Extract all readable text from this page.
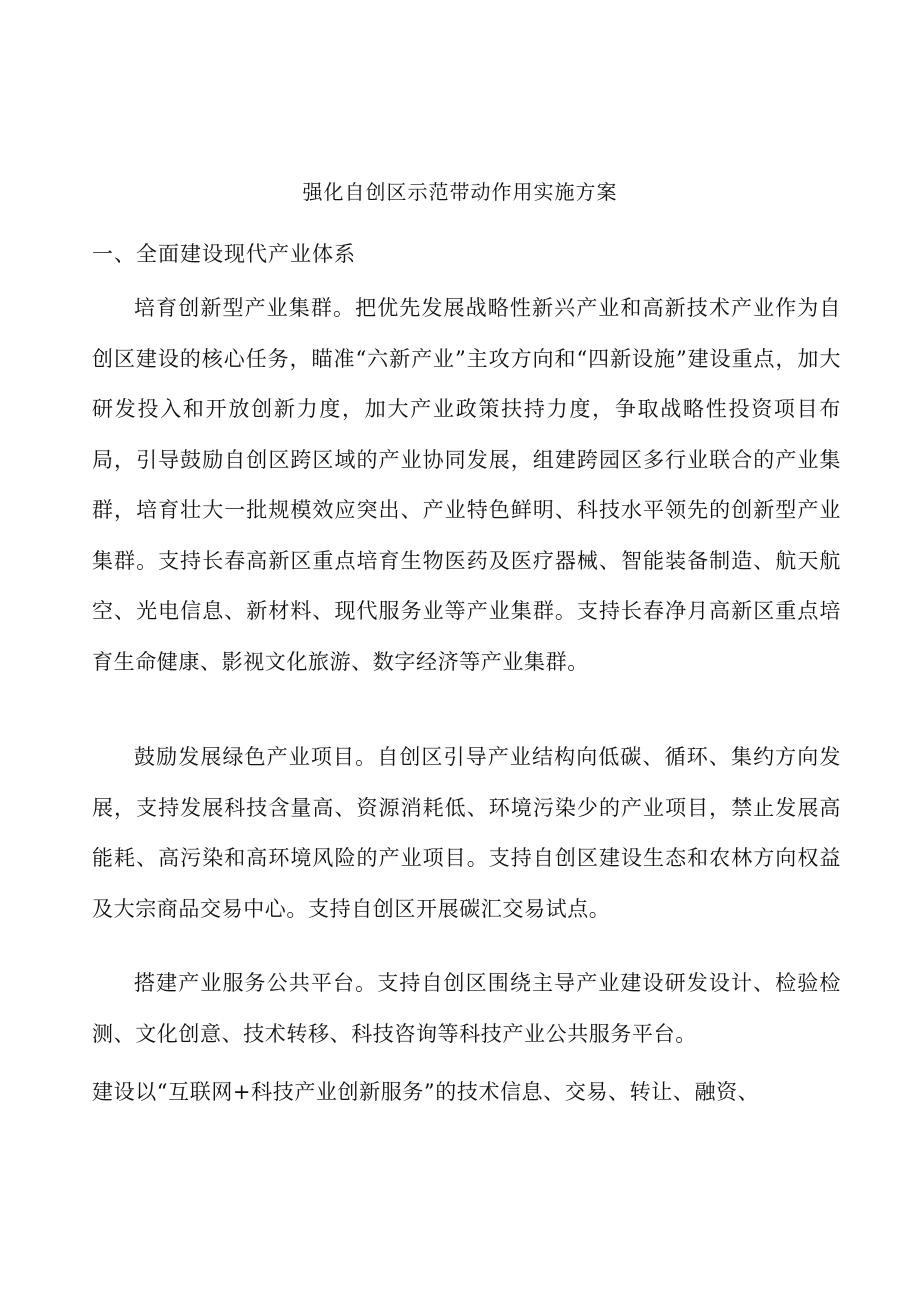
强化自创区示范带动作用实施方案
一、全面建设现代产业体系

培育创新型产业集群。把优先发展战略性新兴产业和高新技术产业作为自创区建设的核心任务，瞄准“六新产业”主攻方向和“四新设施”建设重点，加大研发投入和开放创新力度，加大产业政策扶持力度，争取战略性投资项目布局，引导鼓励自创区跨区域的产业协同发展，组建跨园区多行业联合的产业集群，培育壮大一批规模效应突出、产业特色鲜明、科技水平领先的创新型产业集群。支持长春高新区重点培育生物医药及医疗器械、智能装备制造、航天航空、光电信息、新材料、现代服务业等产业集群。支持长春净月高新区重点培育生命健康、影视文化旅游、数字经济等产业集群。

鼓励发展绿色产业项目。自创区引导产业结构向低碳、循环、集约方向发展，支持发展科技含量高、资源消耗低、环境污染少的产业项目，禁止发展高能耗、高污染和高环境风险的产业项目。支持自创区建设生态和农林方向权益及大宗商品交易中心。支持自创区开展碳汇交易试点。

搭建产业服务公共平台。支持自创区围绕主导产业建设研发设计、检验检测、文化创意、技术转移、科技咨询等科技产业公共服务平台。

建设以“互联网+科技产业创新服务”的技术信息、交易、转让、融资、
